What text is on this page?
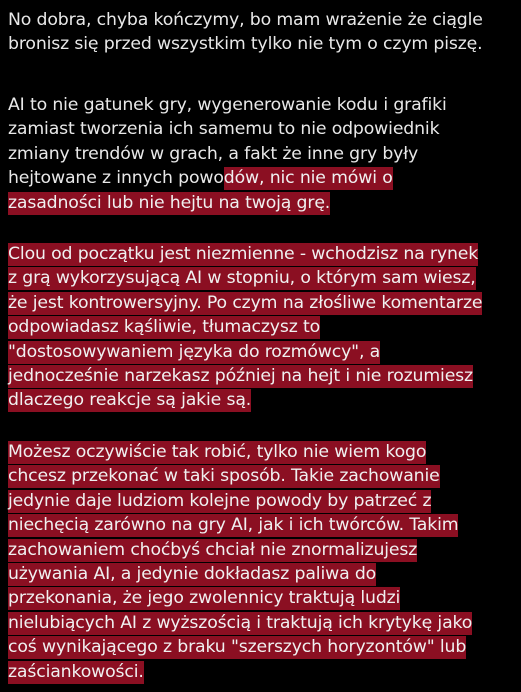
No dobra, chyba kończymy, bo mam wrażenie że ciągle
bronisz się przed wszystkim tylko nie tym o czym piszę.

AI to nie gatunek gry, wygenerowanie kodu i grafiki
zamiast tworzenia ich samemu to nie odpowiednik
zmiany trendów w grach, a fakt że inne gry były
hejtowane z innych powodów, nic nie mówi o
zasadności lub nie hejtu na twoją grę.

Clou od początku jest niezmienne - wchodzisz na rynek
z grą wykorzysującą AI w stopniu, o którym sam wiesz,
że jest kontrowersyjny. Po czym na złośliwe komentarze
odpowiadasz kąśliwie, tłumaczysz to
"dostosowywaniem języka do rozmówcy", a
jednocześnie narzekasz później na hejt i nie rozumiesz
dlaczego reakcje są jakie są.

Możesz oczywiście tak robić, tylko nie wiem kogo
chcesz przekonać w taki sposób. Takie zachowanie
jedynie daje ludziom kolejne powody by patrzeć z
niechęcią zarówno na gry AI, jak i ich twórców. Takim
zachowaniem choćbyś chciał nie znormalizujesz
używania AI, a jedynie dokładasz paliwa do
przekonania, że jego zwolennicy traktują ludzi
nielubiących AI z wyższością i traktują ich krytykę jako
coś wynikającego z braku "szerszych horyzontów" lub
zaściankowości.
